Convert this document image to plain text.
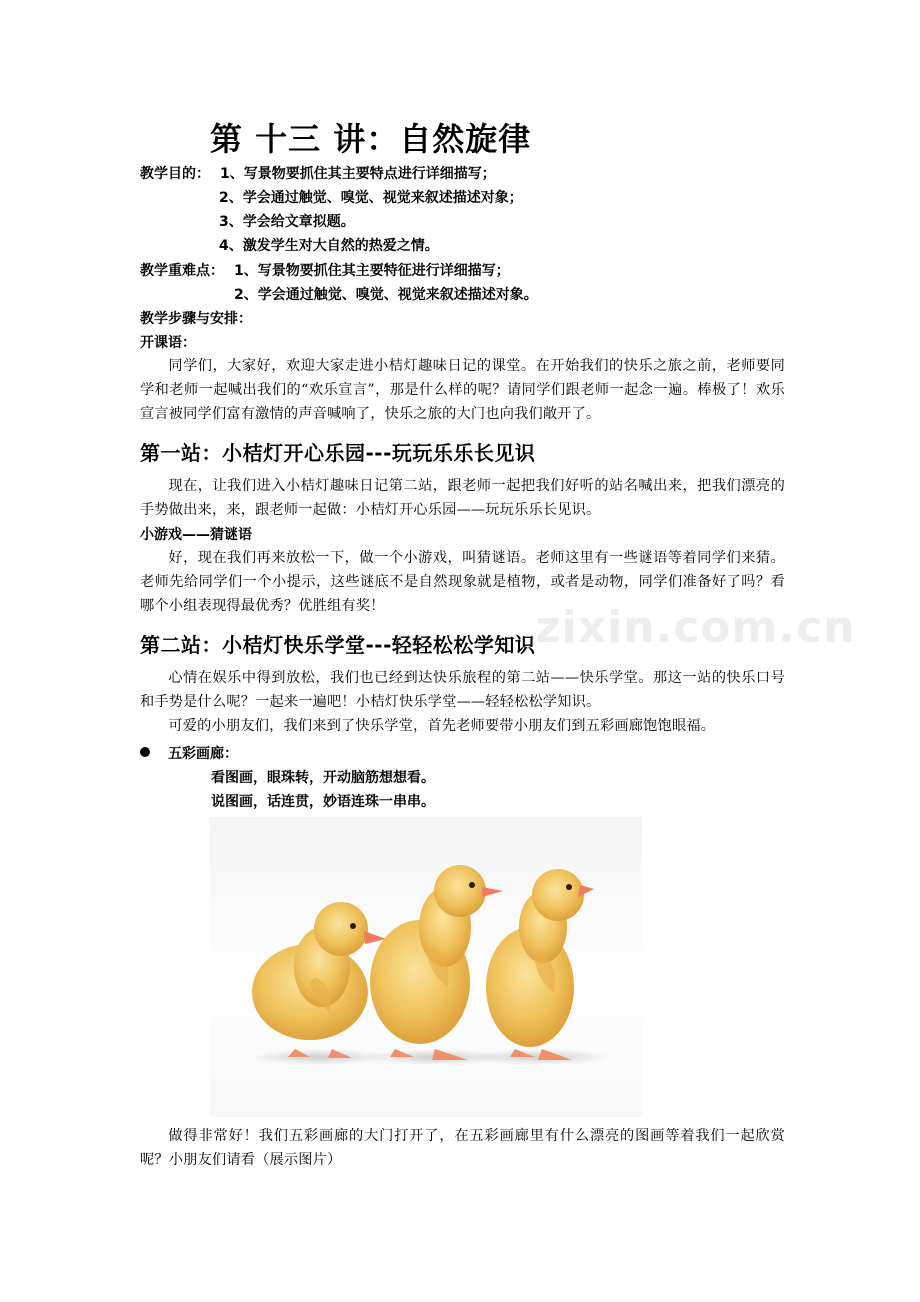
第 十三 讲：自然旋律
教学目的： 1、写景物要抓住其主要特点进行详细描写；
2、学会通过触觉、嗅觉、视觉来叙述描述对象；
3、学会给文章拟题。
4、激发学生对大自然的热爱之情。
教学重难点： 1、写景物要抓住其主要特征进行详细描写；
2、学会通过触觉、嗅觉、视觉来叙述描述对象。
教学步骤与安排：
开课语：
同学们，大家好，欢迎大家走进小桔灯趣味日记的课堂。在开始我们的快乐之旅之前，老师要同学和老师一起喊出我们的“欢乐宣言”，那是什么样的呢？请同学们跟老师一起念一遍。棒极了！欢乐宣言被同学们富有激情的声音喊响了，快乐之旅的大门也向我们敞开了。
第一站：小桔灯开心乐园---玩玩乐乐长见识
现在，让我们进入小桔灯趣味日记第二站，跟老师一起把我们好听的站名喊出来，把我们漂亮的手势做出来，来，跟老师一起做：小桔灯开心乐园——玩玩乐乐长见识。
小游戏——猜谜语
好，现在我们再来放松一下，做一个小游戏，叫猜谜语。老师这里有一些谜语等着同学们来猜。老师先给同学们一个小提示，这些谜底不是自然现象就是植物，或者是动物，同学们准备好了吗？看哪个小组表现得最优秀？优胜组有奖！	zixin.com.cn
第二站：小桔灯快乐学堂---轻轻松松学知识
心情在娱乐中得到放松，我们也已经到达快乐旅程的第二站——快乐学堂。那这一站的快乐口号和手势是什么呢？一起来一遍吧！小桔灯快乐学堂——轻轻松松学知识。
可爱的小朋友们，我们来到了快乐学堂，首先老师要带小朋友们到五彩画廊饱饱眼福。
五彩画廊：
看图画，眼珠转，开动脑筋想想看。
说图画，话连贯，妙语连珠一串串。
做得非常好！我们五彩画廊的大门打开了，在五彩画廊里有什么漂亮的图画等着我们一起欣赏呢？小朋友们请看（展示图片）
